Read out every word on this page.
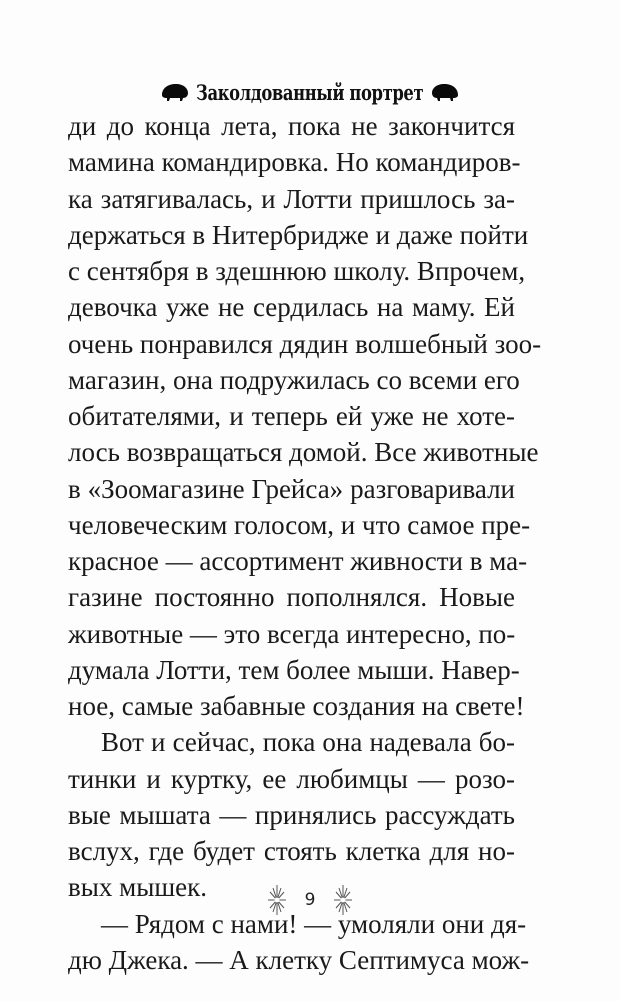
Заколдованный портрет
ди до конца лета, пока не закончится
мамина командировка. Но командиров-
ка затягивалась, и Лотти пришлось за-
держаться в Нитербридже и даже пойти
с сентября в здешнюю школу. Впрочем,
девочка уже не сердилась на маму. Ей
очень понравился дядин волшебный зоо-
магазин, она подружилась со всеми его
обитателями, и теперь ей уже не хоте-
лось возвращаться домой. Все животные
в «Зоомагазине Грейса» разговаривали
человеческим голосом, и что самое пре-
красное — ассортимент живности в ма-
газине постоянно пополнялся. Новые
животные — это всегда интересно, по-
думала Лотти, тем более мыши. Навер-
ное, самые забавные создания на свете!
Вот и сейчас, пока она надевала бо-
тинки и куртку, ее любимцы — розо-
вые мышата — принялись рассуждать
вслух, где будет стоять клетка для но-
вых мышек.
— Рядом с нами! — умоляли они дя-
дю Джека. — А клетку Септимуса мож-
9
